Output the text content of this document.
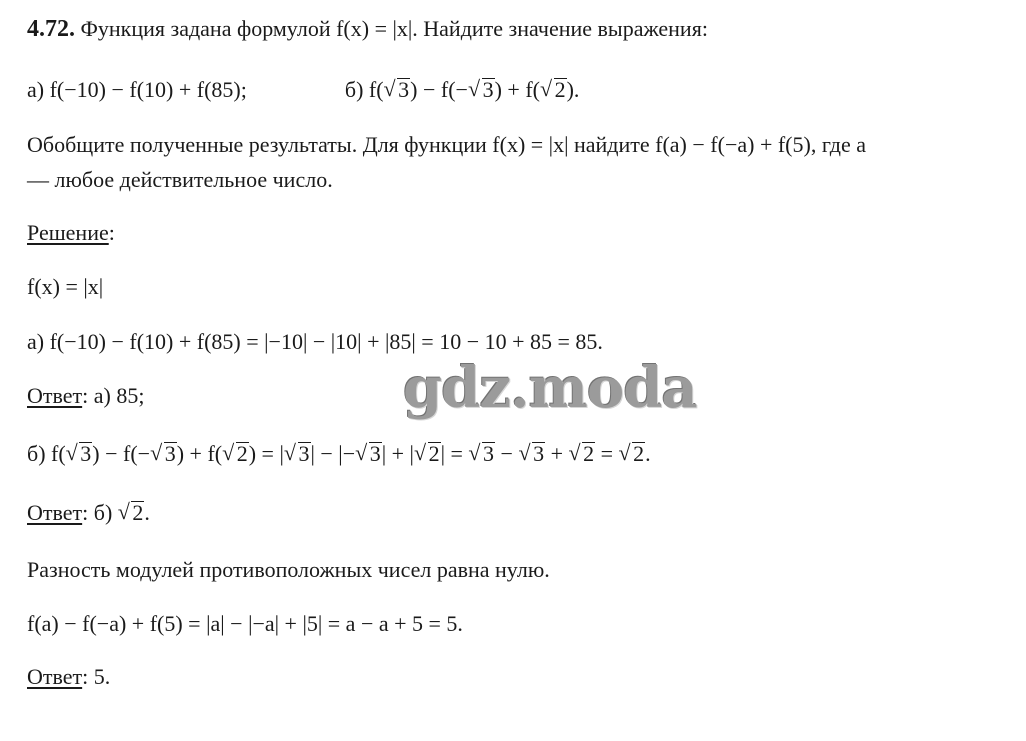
4.72. Функция задана формулой f(x) = |x|. Найдите значение выражения:
а) f(−10) − f(10) + f(85);	б) f( √ 3) − f(− √ 3) + f( √ 2).
Обобщите полученные результаты. Для функции f(x) = |x| найдите f(a) − f(−a) + f(5), где a
— любое действительное число.
Решение:
f(x) = |x|
а) f(−10) − f(10) + f(85) = |−10| − |10| + |85| = 10 − 10 + 85 = 85.
Ответ: а) 85;
б) f( √ 3) − f(− √ 3) + f( √ 2) = | √ 3| − |− √ 3| + | √ 2| = √ 3 − √ 3 + √ 2 = √ 2.
Ответ: б) √ 2.
Разность модулей противоположных чисел равна нулю.
f(a) − f(−a) + f(5) = |a| − |−a| + |5| = a − a + 5 = 5.
Ответ: 5.
gdz.moda
